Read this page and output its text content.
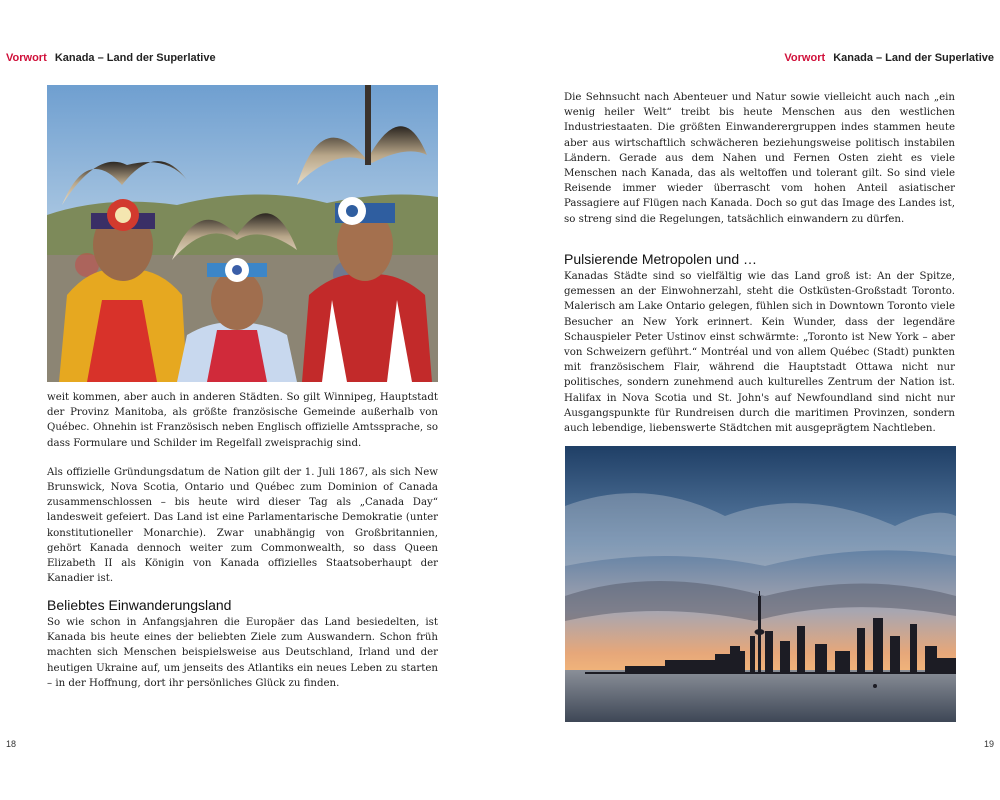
Vorwort Kanada – Land der Superlative

weit kommen, aber auch in anderen Städten. So gilt Winnipeg, Hauptstadt der Provinz Manitoba, als größte französische Gemeinde außerhalb von Québec. Ohnehin ist Französisch neben Englisch offizielle Amtssprache, so dass Formulare und Schilder im Regelfall zweisprachig sind.

Als offizielle Gründungsdatum de Nation gilt der 1. Juli 1867, als sich New Brunswick, Nova Scotia, Ontario und Québec zum Dominion of Canada zusammenschlossen – bis heute wird dieser Tag als „Canada Day“ landesweit gefeiert. Das Land ist eine Parlamentarische Demokratie (unter konstitutioneller Monarchie). Zwar unabhängig von Großbritannien, gehört Kanada dennoch weiter zum Commonwealth, so dass Queen Elizabeth II als Königin von Kanada offizielles Staatsoberhaupt der Kanadier ist.

Beliebtes Einwanderungsland

So wie schon in Anfangsjahren die Europäer das Land besiedelten, ist Kanada bis heute eines der beliebten Ziele zum Auswandern. Schon früh machten sich Menschen beispielsweise aus Deutschland, Irland und der heutigen Ukraine auf, um jenseits des Atlantiks ein neues Leben zu starten – in der Hoffnung, dort ihr persönliches Glück zu finden.

18
Vorwort Kanada – Land der Superlative

Die Sehnsucht nach Abenteuer und Natur sowie vielleicht auch nach „ein wenig heiler Welt“ treibt bis heute Menschen aus den westlichen Industriestaaten. Die größten Einwanderergruppen indes stammen heute aber aus wirtschaftlich schwächeren beziehungsweise politisch instabilen Ländern. Gerade aus dem Nahen und Fernen Osten zieht es viele Menschen nach Kanada, das als weltoffen und tolerant gilt. So sind viele Reisende immer wieder überrascht vom hohen Anteil asiatischer Passagiere auf Flügen nach Kanada. Doch so gut das Image des Landes ist, so streng sind die Regelungen, tatsächlich einwandern zu dürfen.

Pulsierende Metropolen und …

Kanadas Städte sind so vielfältig wie das Land groß ist: An der Spitze, gemessen an der Einwohnerzahl, steht die Ostküsten-Großstadt Toronto. Malerisch am Lake Ontario gelegen, fühlen sich in Downtown Toronto viele Besucher an New York erinnert. Kein Wunder, dass der legendäre Schauspieler Peter Ustinov einst schwärmte: „Toronto ist New York – aber von Schweizern geführt.“ Montréal und von allem Québec (Stadt) punkten mit französischem Flair, während die Hauptstadt Ottawa nicht nur politisches, sondern zunehmend auch kulturelles Zentrum der Nation ist. Halifax in Nova Scotia und St. John's auf Newfoundland sind nicht nur Ausgangspunkte für Rundreisen durch die maritimen Provinzen, sondern auch lebendige, liebenswerte Städtchen mit ausgeprägtem Nachtleben.

19
